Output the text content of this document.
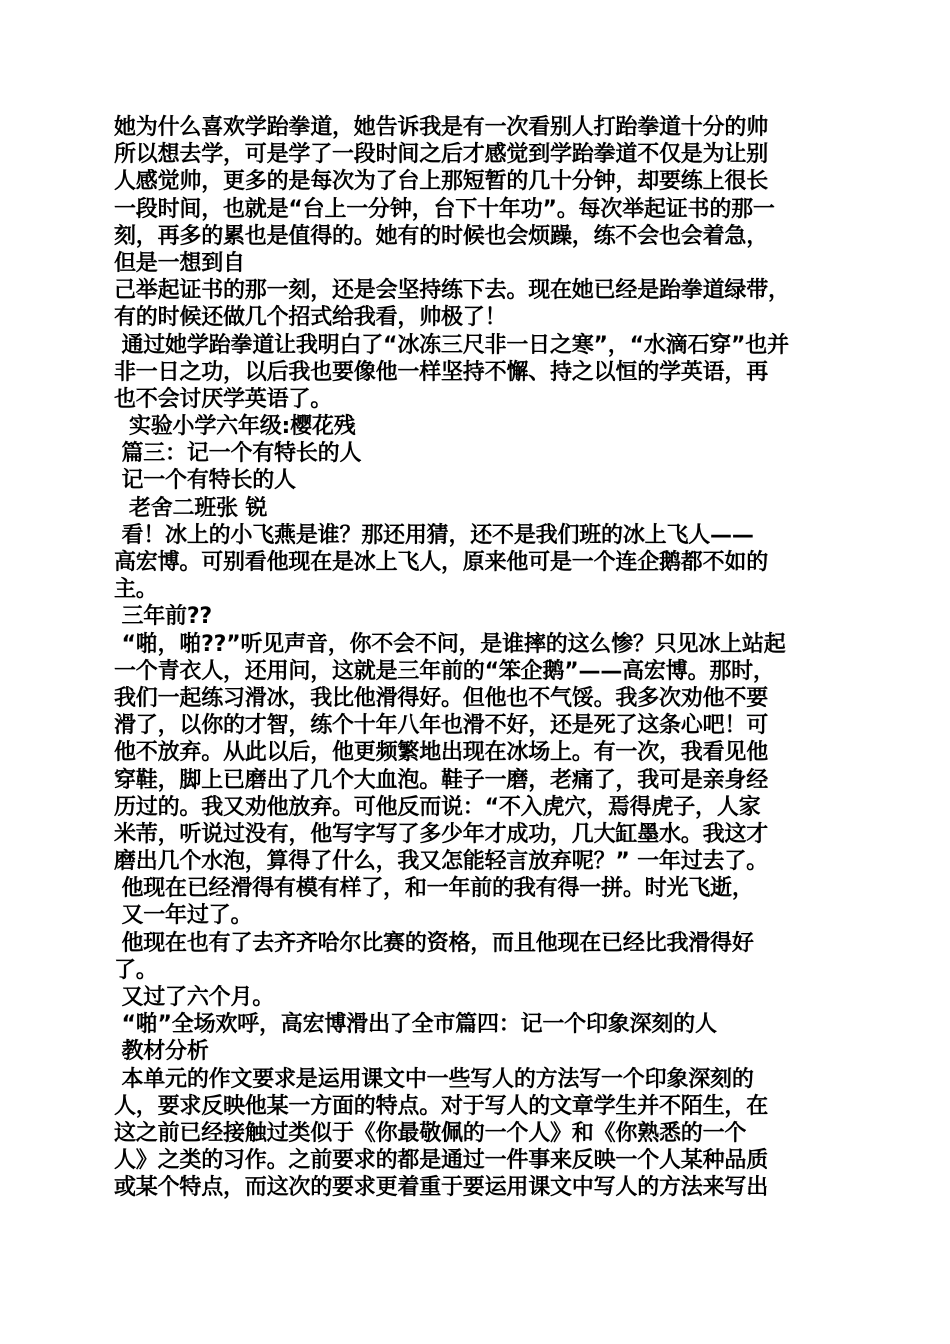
她为什么喜欢学跆拳道，她告诉我是有一次看别人打跆拳道十分的帅
所以想去学，可是学了一段时间之后才感觉到学跆拳道不仅是为让别
人感觉帅，更多的是每次为了台上那短暂的几十分钟，却要练上很长
一段时间，也就是“台上一分钟，台下十年功”。每次举起证书的那一
刻，再多的累也是值得的。她有的时候也会烦躁，练不会也会着急，
但是一想到自
己举起证书的那一刻，还是会坚持练下去。现在她已经是跆拳道绿带，
有的时候还做几个招式给我看，帅极了！
通过她学跆拳道让我明白了“冰冻三尺非一日之寒”，“水滴石穿”也并
非一日之功，以后我也要像他一样坚持不懈、持之以恒的学英语，再
也不会讨厌学英语了。
实验小学六年级:樱花残
篇三：记一个有特长的人
记一个有特长的人
老舍二班张 锐
看！冰上的小飞燕是谁？那还用猜，还不是我们班的冰上飞人——
高宏博。可别看他现在是冰上飞人，原来他可是一个连企鹅都不如的
主。
三年前??
“啪，啪??”听见声音，你不会不问，是谁摔的这么惨？只见冰上站起
一个青衣人，还用问，这就是三年前的“笨企鹅”——高宏博。那时，
我们一起练习滑冰，我比他滑得好。但他也不气馁。我多次劝他不要
滑了，以你的才智，练个十年八年也滑不好，还是死了这条心吧！可
他不放弃。从此以后，他更频繁地出现在冰场上。有一次，我看见他
穿鞋，脚上已磨出了几个大血泡。鞋子一磨，老痛了，我可是亲身经
历过的。我又劝他放弃。可他反而说：“不入虎穴，焉得虎子，人家
米芾，听说过没有，他写字写了多少年才成功，几大缸墨水。我这才
磨出几个水泡，算得了什么，我又怎能轻言放弃呢？” 一年过去了。
他现在已经滑得有模有样了，和一年前的我有得一拼。时光飞逝，
又一年过了。
他现在也有了去齐齐哈尔比赛的资格，而且他现在已经比我滑得好
了。
又过了六个月。
“啪”全场欢呼，高宏博滑出了全市篇四：记一个印象深刻的人
教材分析
本单元的作文要求是运用课文中一些写人的方法写一个印象深刻的
人，要求反映他某一方面的特点。对于写人的文章学生并不陌生，在
这之前已经接触过类似于《你最敬佩的一个人》和《你熟悉的一个
人》之类的习作。之前要求的都是通过一件事来反映一个人某种品质
或某个特点，而这次的要求更着重于要运用课文中写人的方法来写出
